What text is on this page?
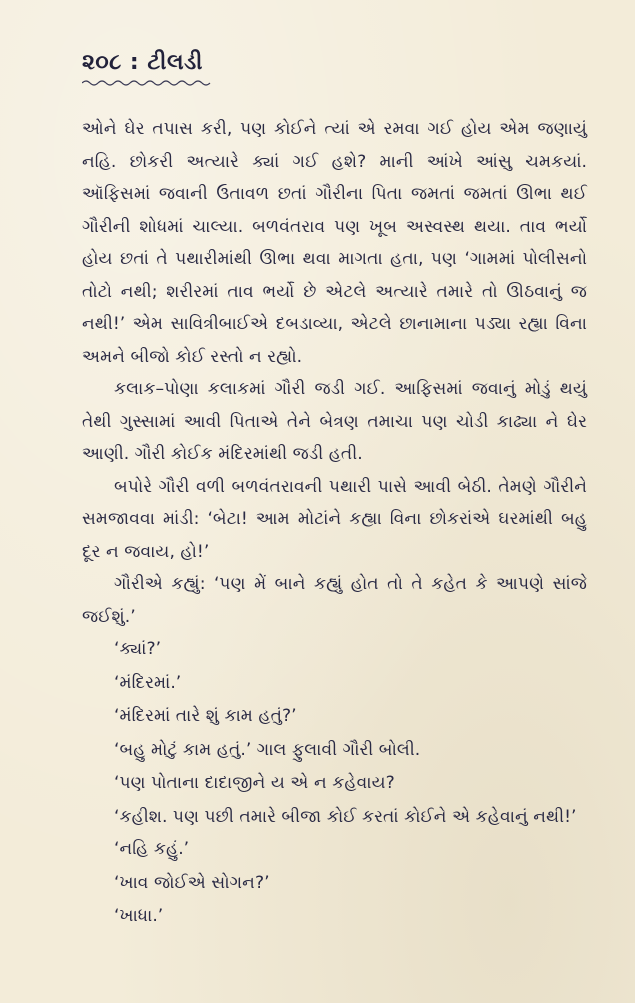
૨૦૮ : ટીલડી

ઓને ઘેર તપાસ કરી, પણ કોઈને ત્યાં એ રમવા ગઈ હોય એમ જણાયું નહિ. છોકરી અત્યારે ક્યાં ગઈ હશે? માની આંખે આંસુ ચમકયાં. ઑફિસમાં જવાની ઉતાવળ છતાં ગૌરીના પિતા જમતાં જમતાં ઊભા થઈ ગૌરીની શોધમાં ચાલ્યા. બળવંતરાવ પણ ખૂબ અસ્વસ્થ થયા. તાવ ભર્યો હોય છતાં તે પથારીમાંથી ઊભા થવા માગતા હતા, પણ ‘ગામમાં પોલીસનો તોટો નથી; શરીરમાં તાવ ભર્યો છે એટલે અત્યારે તમારે તો ઊઠવાનું જ નથી!’ એમ સાવિત્રીબાઈએ દબડાવ્યા, એટલે છાનામાના પડ્યા રહ્યા વિના અમને બીજો કોઈ રસ્તો ન રહ્યો.

કલાક–પોણા કલાકમાં ગૌરી જડી ગઈ. આફિસમાં જવાનું મોડું થયું તેથી ગુસ્સામાં આવી પિતાએ તેને બેત્રણ તમાચા પણ ચોડી કાઢ્યા ને ઘેર આણી. ગૌરી કોઈક મંદિરમાંથી જડી હતી.

બપોરે ગૌરી વળી બળવંતરાવની પથારી પાસે આવી બેઠી. તેમણે ગૌરીને સમજાવવા માંડી: ‘બેટા! આમ મોટાંને કહ્યા વિના છોકરાંએ ઘરમાંથી બહુ દૂર ન જવાય, હો!’

ગૌરીએ કહ્યું: ‘પણ મેં બાને કહ્યું હોત તો તે કહેત કે આપણે સાંજે જઈશું.’

‘ક્યાં?’

‘મંદિરમાં.’

‘મંદિરમાં તારે શું કામ હતું?’

‘બહુ મોટું કામ હતું.’ ગાલ ફુલાવી ગૌરી બોલી.

‘પણ પોતાના દાદાજીને ય એ ન કહેવાય?

‘કહીશ. પણ પછી તમારે બીજા કોઈ કરતાં કોઈને એ કહેવાનું નથી!’

‘નહિ કહું.’

‘ખાવ જોઈએ સોગન?’

‘ખાધા.’
